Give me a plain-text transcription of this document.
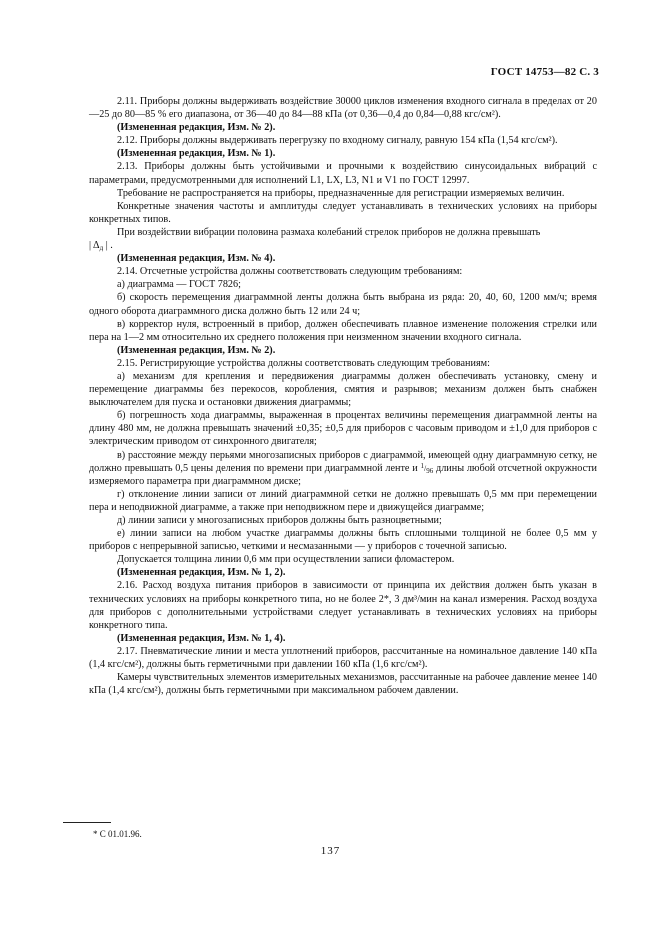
ГОСТ 14753—82 С. 3

2.11. Приборы должны выдерживать воздействие 30000 циклов изменения входного сигнала в пределах от 20—25 до 80—85 % его диапазона, от 36—40 до 84—88 кПа (от 0,36—0,4 до 0,84—0,88 кгс/см²).

(Измененная редакция, Изм. № 2).

2.12. Приборы должны выдерживать перегрузку по входному сигналу, равную 154 кПа (1,54 кгс/см²).

(Измененная редакция, Изм. № 1).

2.13. Приборы должны быть устойчивыми и прочными к воздействию синусоидальных вибраций с параметрами, предусмотренными для исполнений L1, LX, L3, N1 и V1 по ГОСТ 12997.

Требование не распространяется на приборы, предназначенные для регистрации измеряемых величин.

Конкретные значения частоты и амплитуды следует устанавливать в технических условиях на приборы конкретных типов.

При воздействии вибрации половина размаха колебаний стрелок приборов не должна превышать

| $\Delta_д$ | .

(Измененная редакция, Изм. № 4).

2.14. Отсчетные устройства должны соответствовать следующим требованиям:

а) диаграмма — ГОСТ 7826;

б) скорость перемещения диаграммной ленты должна быть выбрана из ряда: 20, 40, 60, 1200 мм/ч; время одного оборота диаграммного диска должно быть 12 или 24 ч;

в) корректор нуля, встроенный в прибор, должен обеспечивать плавное изменение положения стрелки или пера на 1—2 мм относительно их среднего положения при неизменном значении входного сигнала.

(Измененная редакция, Изм. № 2).

2.15. Регистрирующие устройства должны соответствовать следующим требованиям:

а) механизм для крепления и передвижения диаграммы должен обеспечивать установку, смену и перемещение диаграммы без перекосов, коробления, смятия и разрывов; механизм должен быть снабжен выключателем для пуска и остановки движения диаграммы;

б) погрешность хода диаграммы, выраженная в процентах величины перемещения диаграммной ленты на длину 480 мм, не должна превышать значений ±0,35; ±0,5 для приборов с часовым приводом и ±1,0 для приборов с электрическим приводом от синхронного двигателя;

в) расстояние между перьями многозаписных приборов с диаграммой, имеющей одну диаграммную сетку, не должно превышать 0,5 цены деления по времени при диаграммной ленте и $^1/_{96}$ длины любой отсчетной окружности измеряемого параметра при диаграммном диске;

г) отклонение линии записи от линий диаграммной сетки не должно превышать 0,5 мм при перемещении пера и неподвижной диаграмме, а также при неподвижном пере и движущейся диаграмме;

д) линии записи у многозаписных приборов должны быть разноцветными;

е) линии записи на любом участке диаграммы должны быть сплошными толщиной не более 0,5 мм у приборов с непрерывной записью, четкими и несмазанными — у приборов с точечной записью.

Допускается толщина линии 0,6 мм при осуществлении записи фломастером.

(Измененная редакция, Изм. № 1, 2).

2.16. Расход воздуха питания приборов в зависимости от принципа их действия должен быть указан в технических условиях на приборы конкретного типа, но не более 2*, 3 дм³/мин на канал измерения. Расход воздуха для приборов с дополнительными устройствами следует устанавливать в технических условиях на приборы конкретного типа.

(Измененная редакция, Изм. № 1, 4).

2.17. Пневматические линии и места уплотнений приборов, рассчитанные на номинальное давление 140 кПа (1,4 кгс/см²), должны быть герметичными при давлении 160 кПа (1,6 кгс/см²).

Камеры чувствительных элементов измерительных механизмов, рассчитанные на рабочее давление менее 140 кПа (1,4 кгс/см²), должны быть герметичными при максимальном рабочем давлении.

* С 01.01.96.
137
